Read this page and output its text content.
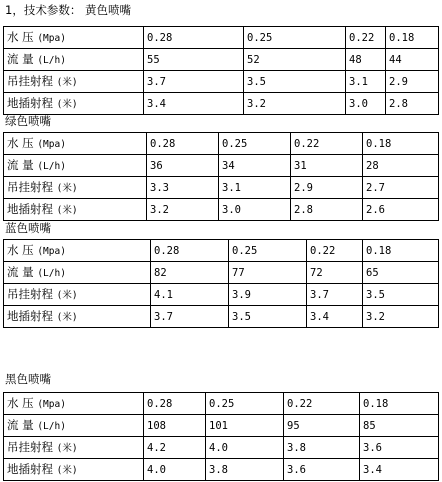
1，技术参数： 黄色喷嘴
水 压 (Mpa)	0.28	0.25	0.22	0.18
流 量 (L/h)	55	52	48	44
吊挂射程 (米)	3.7	3.5	3.1	2.9
地插射程 (米)	3.4	3.2	3.0	2.8
绿色喷嘴
水 压 (Mpa)	0.28	0.25	0.22	0.18
流 量 (L/h)	36	34	31	28
吊挂射程 (米)	3.3	3.1	2.9	2.7
地插射程 (米)	3.2	3.0	2.8	2.6
蓝色喷嘴
水 压 (Mpa)	0.28	0.25	0.22	0.18
流 量 (L/h)	82	77	72	65
吊挂射程 (米)	4.1	3.9	3.7	3.5
地插射程 (米)	3.7	3.5	3.4	3.2
黑色喷嘴
水 压 (Mpa)	0.28	0.25	0.22	0.18
流 量 (L/h)	108	101	95	85
吊挂射程 (米)	4.2	4.0	3.8	3.6
地插射程 (米)	4.0	3.8	3.6	3.4
